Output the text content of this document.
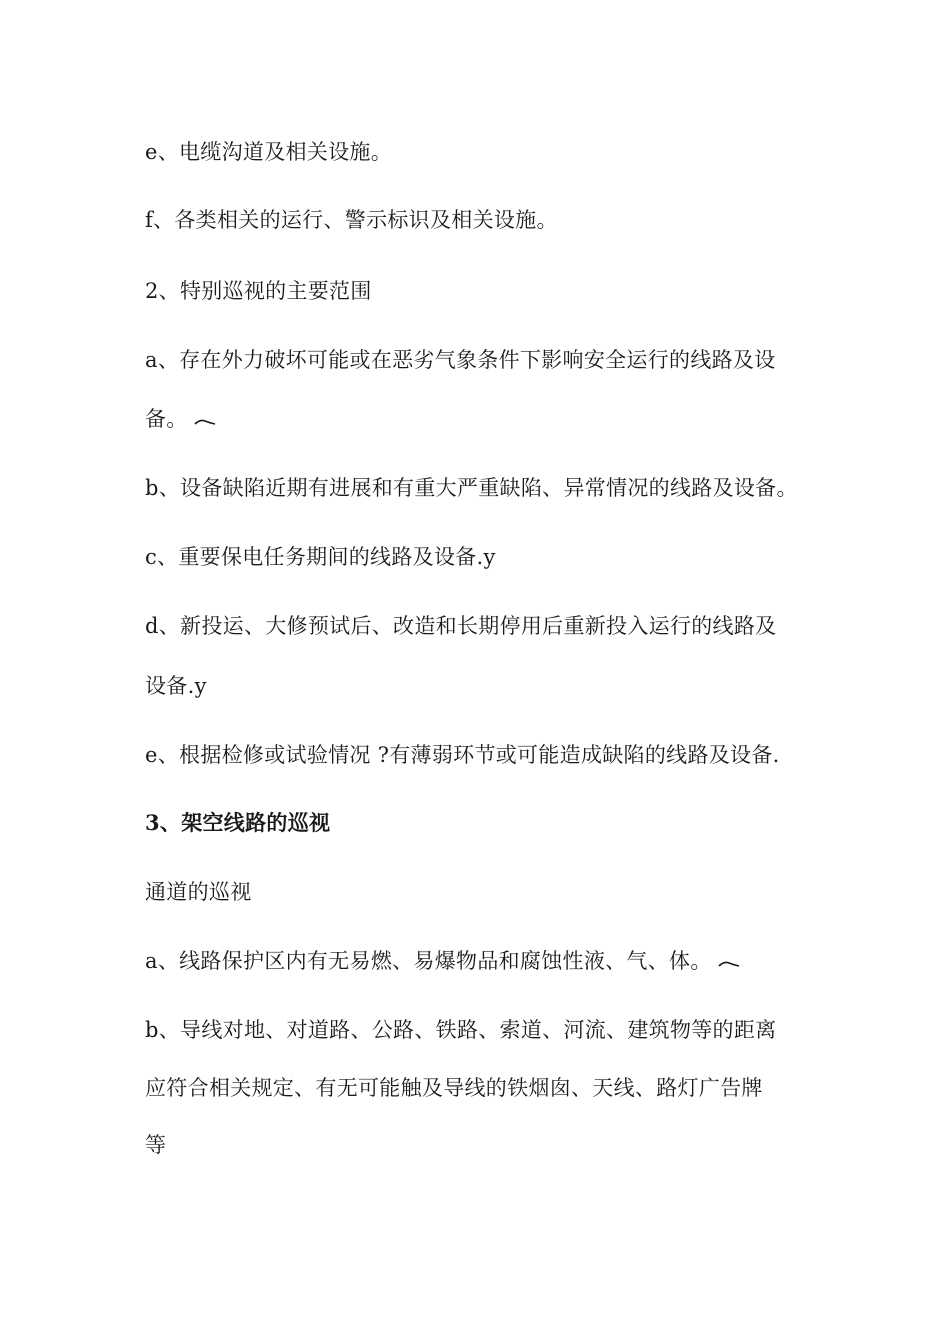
e、电缆沟道及相关设施。
f、各类相关的运行、警示标识及相关设施。
2、特别巡视的主要范围
a、存在外力破坏可能或在恶劣气象条件下影响安全运行的线路及设
备。
b、设备缺陷近期有进展和有重大严重缺陷、异常情况的线路及设备。
c、重要保电任务期间的线路及设备.y
d、新投运、大修预试后、改造和长期停用后重新投入运行的线路及
设备.y
e、根据检修或试验情况 ?有薄弱环节或可能造成缺陷的线路及设备.
3、架空线路的巡视
通道的巡视
a、线路保护区内有无易燃、易爆物品和腐蚀性液、气、体。
b、导线对地、对道路、公路、铁路、索道、河流、建筑物等的距离
应符合相关规定、有无可能触及导线的铁烟囱、天线、路灯广告牌
等
